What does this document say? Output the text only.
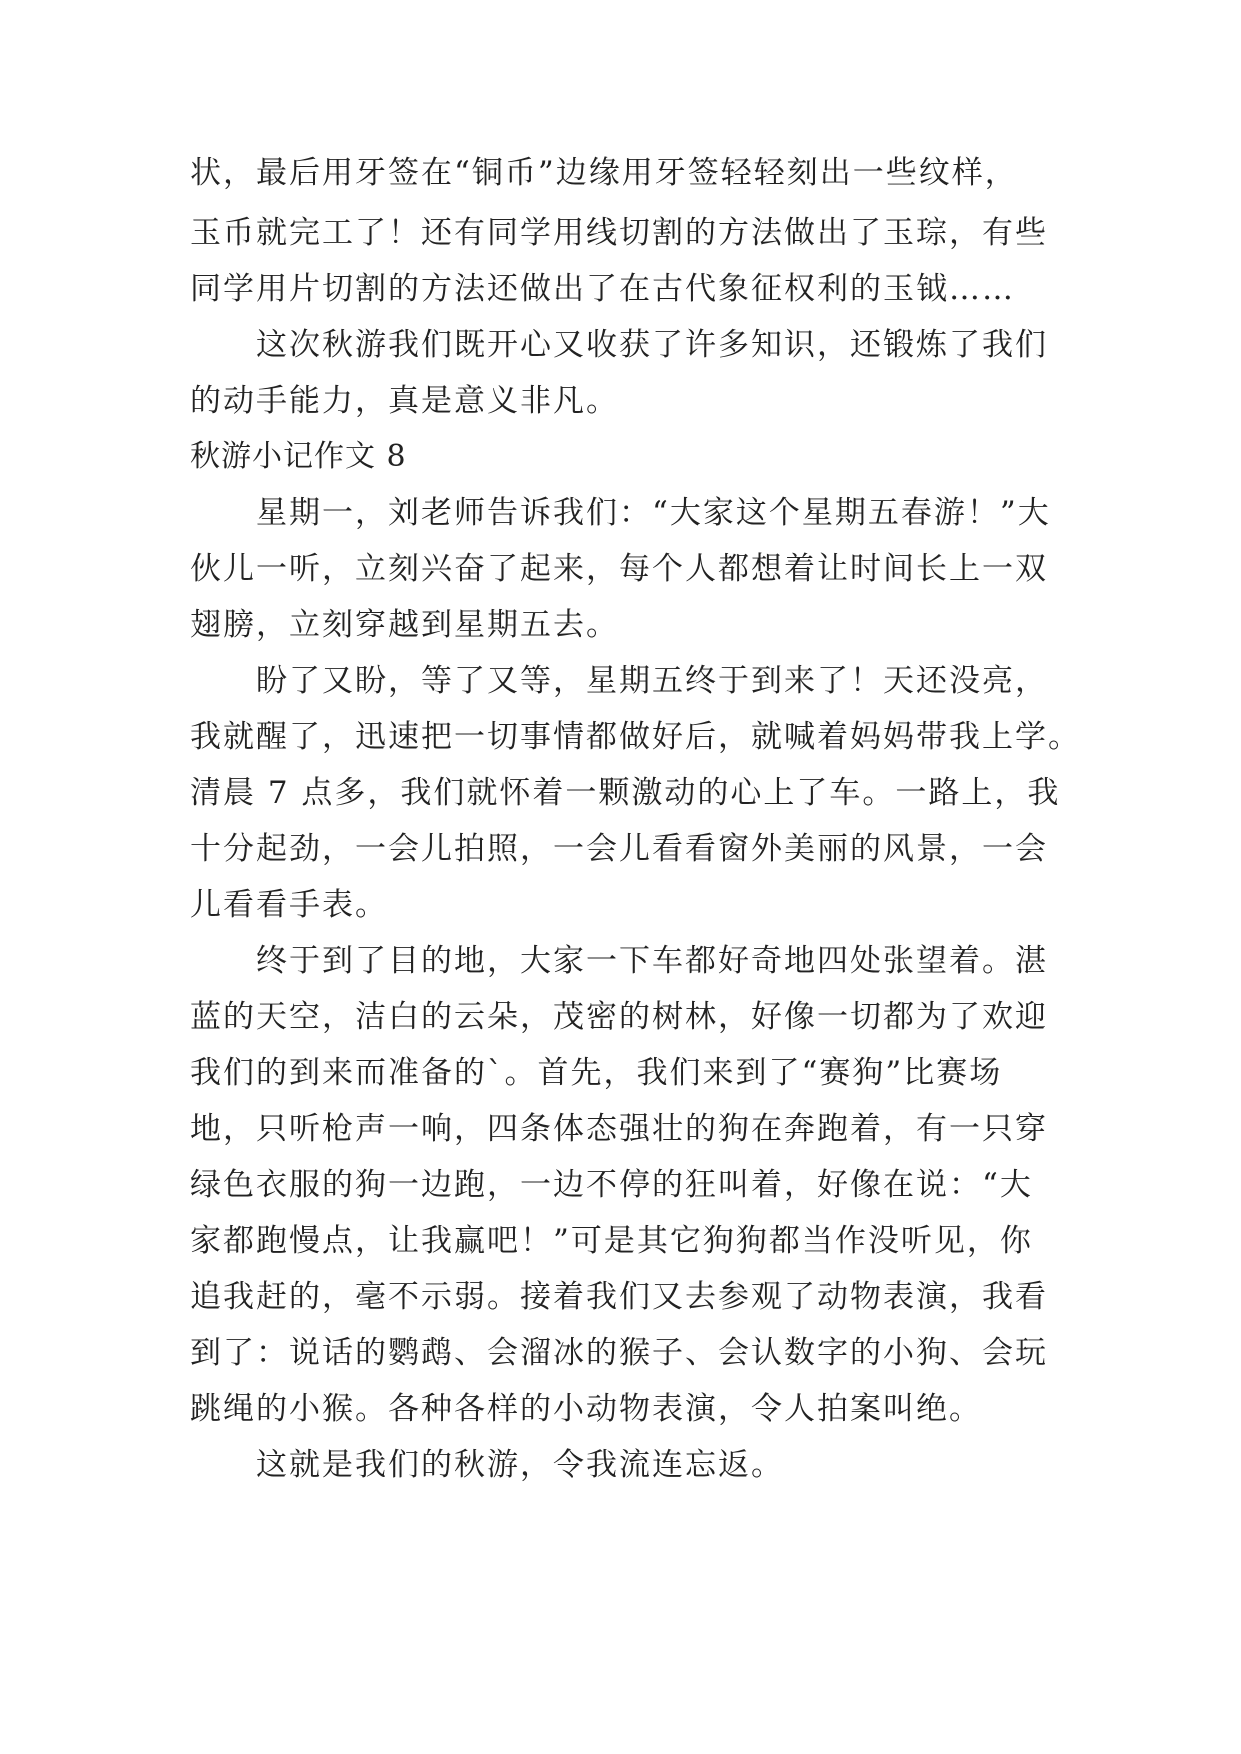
状，最后用牙签在“铜币”边缘用牙签轻轻刻出一些纹样，
玉币就完工了！还有同学用线切割的方法做出了玉琮，有些
同学用片切割的方法还做出了在古代象征权利的玉钺……
这次秋游我们既开心又收获了许多知识，还锻炼了我们
的动手能力，真是意义非凡。
秋游小记作文 8
星期一，刘老师告诉我们：“大家这个星期五春游！”大
伙儿一听，立刻兴奋了起来，每个人都想着让时间长上一双
翅膀，立刻穿越到星期五去。
盼了又盼，等了又等，星期五终于到来了！天还没亮，
我就醒了，迅速把一切事情都做好后，就喊着妈妈带我上学。
清晨 7 点多，我们就怀着一颗激动的心上了车。一路上，我
十分起劲，一会儿拍照，一会儿看看窗外美丽的风景，一会
儿看看手表。
终于到了目的地，大家一下车都好奇地四处张望着。湛
蓝的天空，洁白的云朵，茂密的树林，好像一切都为了欢迎
我们的到来而准备的`。首先，我们来到了“赛狗”比赛场
地，只听枪声一响，四条体态强壮的狗在奔跑着，有一只穿
绿色衣服的狗一边跑，一边不停的狂叫着，好像在说：“大
家都跑慢点，让我赢吧！”可是其它狗狗都当作没听见，你
追我赶的，毫不示弱。接着我们又去参观了动物表演，我看
到了：说话的鹦鹉、会溜冰的猴子、会认数字的小狗、会玩
跳绳的小猴。各种各样的小动物表演，令人拍案叫绝。
这就是我们的秋游，令我流连忘返。
